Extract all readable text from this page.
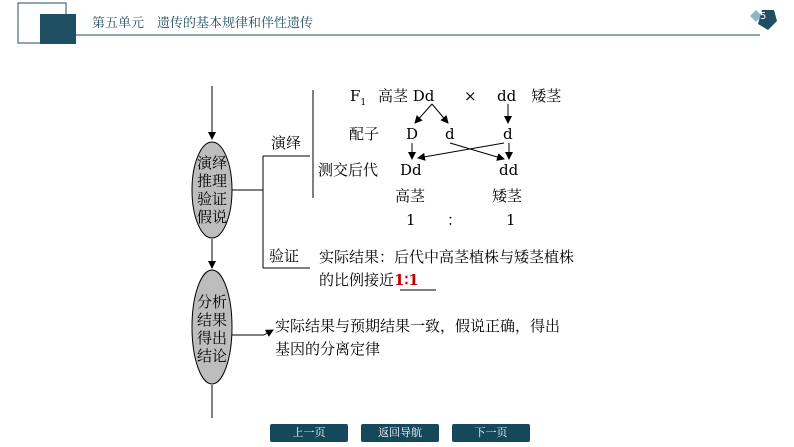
第五单元　遗传的基本规律和伴性遗传	5
演绎推理验证假说
分析结果得出结论
演绎
验证
$F_1$ 高茎 Dd × dd　矮茎
配子 D d	d
测交后代 Dd	dd
高茎	矮茎
1 ：	1
实际结果：后代中高茎植株与矮茎植株
的比例接近1∶1
实际结果与预期结果一致，假说正确，得出
基因的分离定律
上一页	返回导航	下一页
